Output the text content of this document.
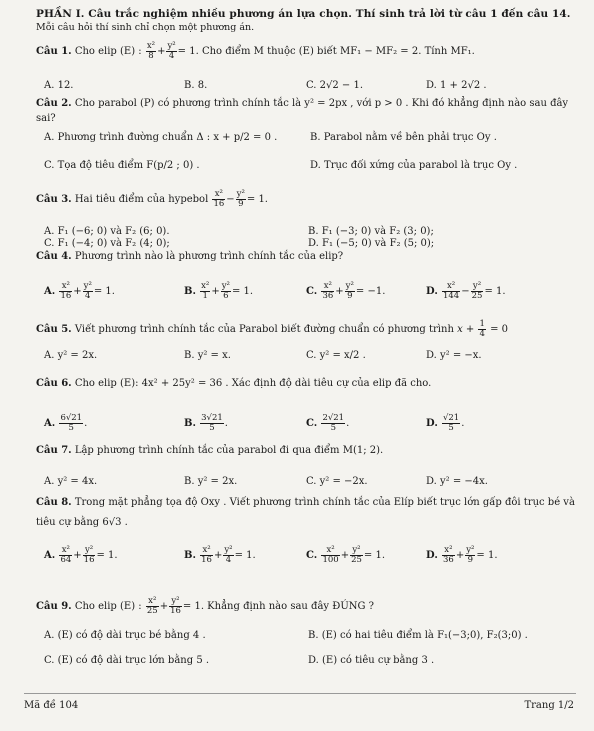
PHẦN I. Câu trắc nghiệm nhiều phương án lựa chọn. Thí sinh trả lời từ câu 1 đến câu 14.
Mỗi câu hỏi thí sinh chỉ chọn một phương án.
Câu 1. Cho elip (E) : $\frac{\text{x²}}{8} + \frac{\text{y²}}{4} = 1$. Cho điểm M thuộc (E) biết MF₁ − MF₂ = 2. Tính MF₁.
A. 12.	B. 8.	C. 2√2 − 1.	D. 1 + 2√2 .
Câu 2. Cho parabol (P) có phương trình chính tắc là y² = 2px , với p > 0 . Khi đó khẳng định nào sau đây
sai?
A. Phương trình đường chuẩn Δ : x + p/2 = 0 .	B. Parabol nằm về bên phải trục Oy .
C. Tọa độ tiêu điểm F(p/2 ; 0) .	D. Trục đối xứng của parabol là trục Oy .
Câu 3. Hai tiêu điểm của hypebol $\frac{\text{x²}}{16} - \frac{\text{y²}}{9} = 1$.
A. F₁ (−6; 0) và F₂ (6; 0).	B. F₁ (−3; 0) và F₂ (3; 0);
C. F₁ (−4; 0) và F₂ (4; 0);	D. F₁ (−5; 0) và F₂ (5; 0);
Câu 4. Phương trình nào là phương trình chính tắc của elip?
A. $\frac{\text{x²}}{16} + \frac{\text{y²}}{4} = 1$.	B. $\frac{\text{x²}}{1} + \frac{\text{y²}}{6} = 1$.	C. $\frac{\text{x²}}{36} + \frac{\text{y²}}{9} = -1$.	D. $\frac{\text{x²}}{144} - \frac{\text{y²}}{25} = 1$.
Câu 5. Viết phương trình chính tắc của Parabol biết đường chuẩn có phương trình $x + \frac{1}{4} = 0$
A. y² = 2x.	B. y² = x.	C. y² = x/2 .	D. y² = −x.
Câu 6. Cho elip (E): 4x² + 25y² = 36 . Xác định độ dài tiêu cự của elip đã cho.
A. $\frac{6√21}{5}$ .	B. $\frac{3√21}{5}$ .	C. $\frac{2√21}{5}$ .	D. $\frac{√21}{5}$ .
Câu 7. Lập phương trình chính tắc của parabol đi qua điểm M(1; 2).
A. y² = 4x.	B. y² = 2x.	C. y² = −2x.	D. y² = −4x.
Câu 8. Trong mặt phẳng tọa độ Oxy . Viết phương trình chính tắc của Elíp biết trục lớn gấp đôi trục bé và
tiêu cự bằng 6√3 .
A. $\frac{\text{x²}}{64} + \frac{\text{y²}}{16} = 1$.	B. $\frac{\text{x²}}{16} + \frac{\text{y²}}{4} = 1$.	C. $\frac{\text{x²}}{100} + \frac{\text{y²}}{25} = 1$.	D. $\frac{\text{x²}}{36} + \frac{\text{y²}}{9} = 1$.
Câu 9. Cho elip (E) : $\frac{\text{x²}}{25} + \frac{\text{y²}}{16} = 1$. Khẳng định nào sau đây ĐÚNG ?
A. (E) có độ dài trục bé bằng 4 .	B. (E) có hai tiêu điểm là F₁(−3;0), F₂(3;0) .
C. (E) có độ dài trục lớn bằng 5 .	D. (E) có tiêu cự bằng 3 .
Mã đề 104	Trang 1/2
